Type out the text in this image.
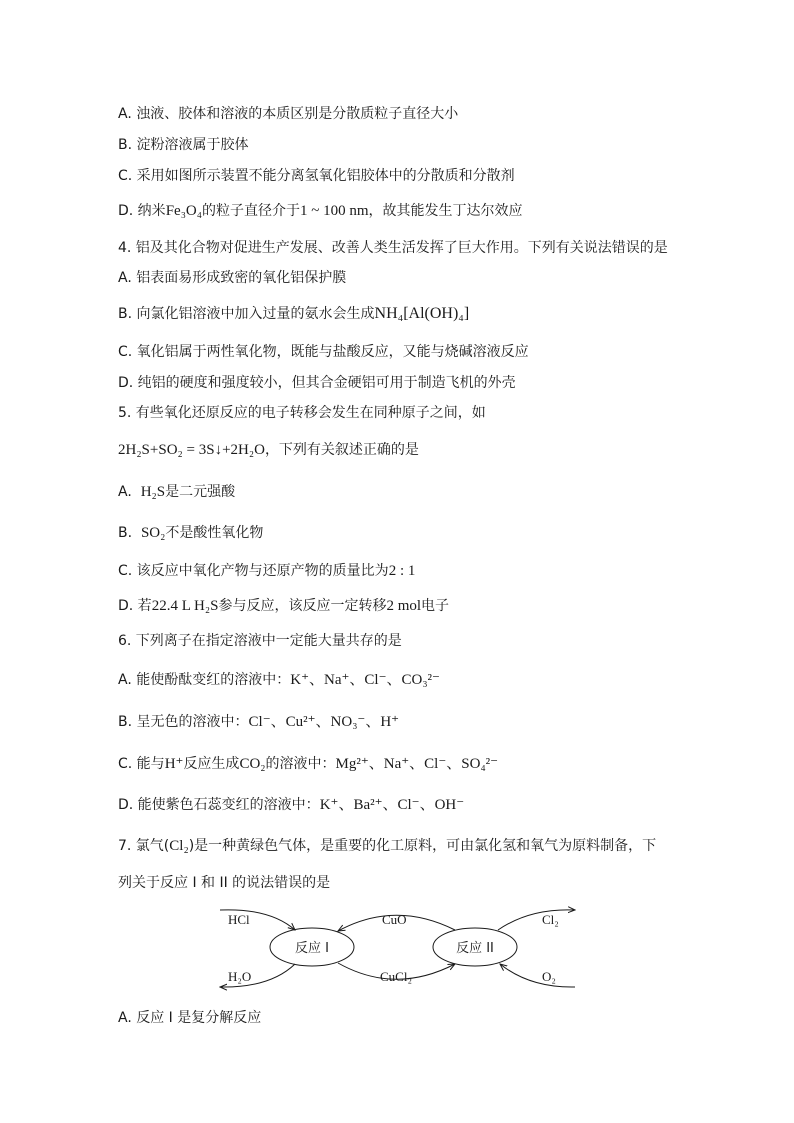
A. 浊液、胶体和溶液的本质区别是分散质粒子直径大小
B. 淀粉溶液属于胶体
C. 采用如图所示装置不能分离氢氧化铝胶体中的分散质和分散剂
D. 纳米Fe₃O₄的粒子直径介于1 ~ 100 nm，故其能发生丁达尔效应
4. 铝及其化合物对促进生产发展、改善人类生活发挥了巨大作用。下列有关说法错误的是
A. 铝表面易形成致密的氧化铝保护膜
B. 向氯化铝溶液中加入过量的氨水会生成NH₄[Al(OH)₄]
C. 氧化铝属于两性氧化物，既能与盐酸反应，又能与烧碱溶液反应
D. 纯铝的硬度和强度较小，但其合金硬铝可用于制造飞机的外壳
5. 有些氧化还原反应的电子转移会发生在同种原子之间，如
2H₂S+SO₂ = 3S↓+2H₂O，下列有关叙述正确的是
A.  H₂S是二元强酸
B.  SO₂不是酸性氧化物
C. 该反应中氧化产物与还原产物的质量比为2 : 1
D. 若22.4 L H₂S参与反应，该反应一定转移2 mol电子
6. 下列离子在指定溶液中一定能大量共存的是
A. 能使酚酞变红的溶液中：K⁺、Na⁺、Cl⁻、CO₃²⁻
B. 呈无色的溶液中：Cl⁻、Cu²⁺、NO₃⁻、H⁺
C. 能与H⁺反应生成CO₂的溶液中：Mg²⁺、Na⁺、Cl⁻、SO₄²⁻
D. 能使紫色石蕊变红的溶液中：K⁺、Ba²⁺、Cl⁻、OH⁻
7. 氯气(Cl₂)是一种黄绿色气体，是重要的化工原料，可由氯化氢和氧气为原料制备，下
列关于反应 I 和 II 的说法错误的是
反应 I	反应 II
HCl
H₂O
CuO
CuCl₂
Cl₂
O₂
A. 反应 I 是复分解反应
